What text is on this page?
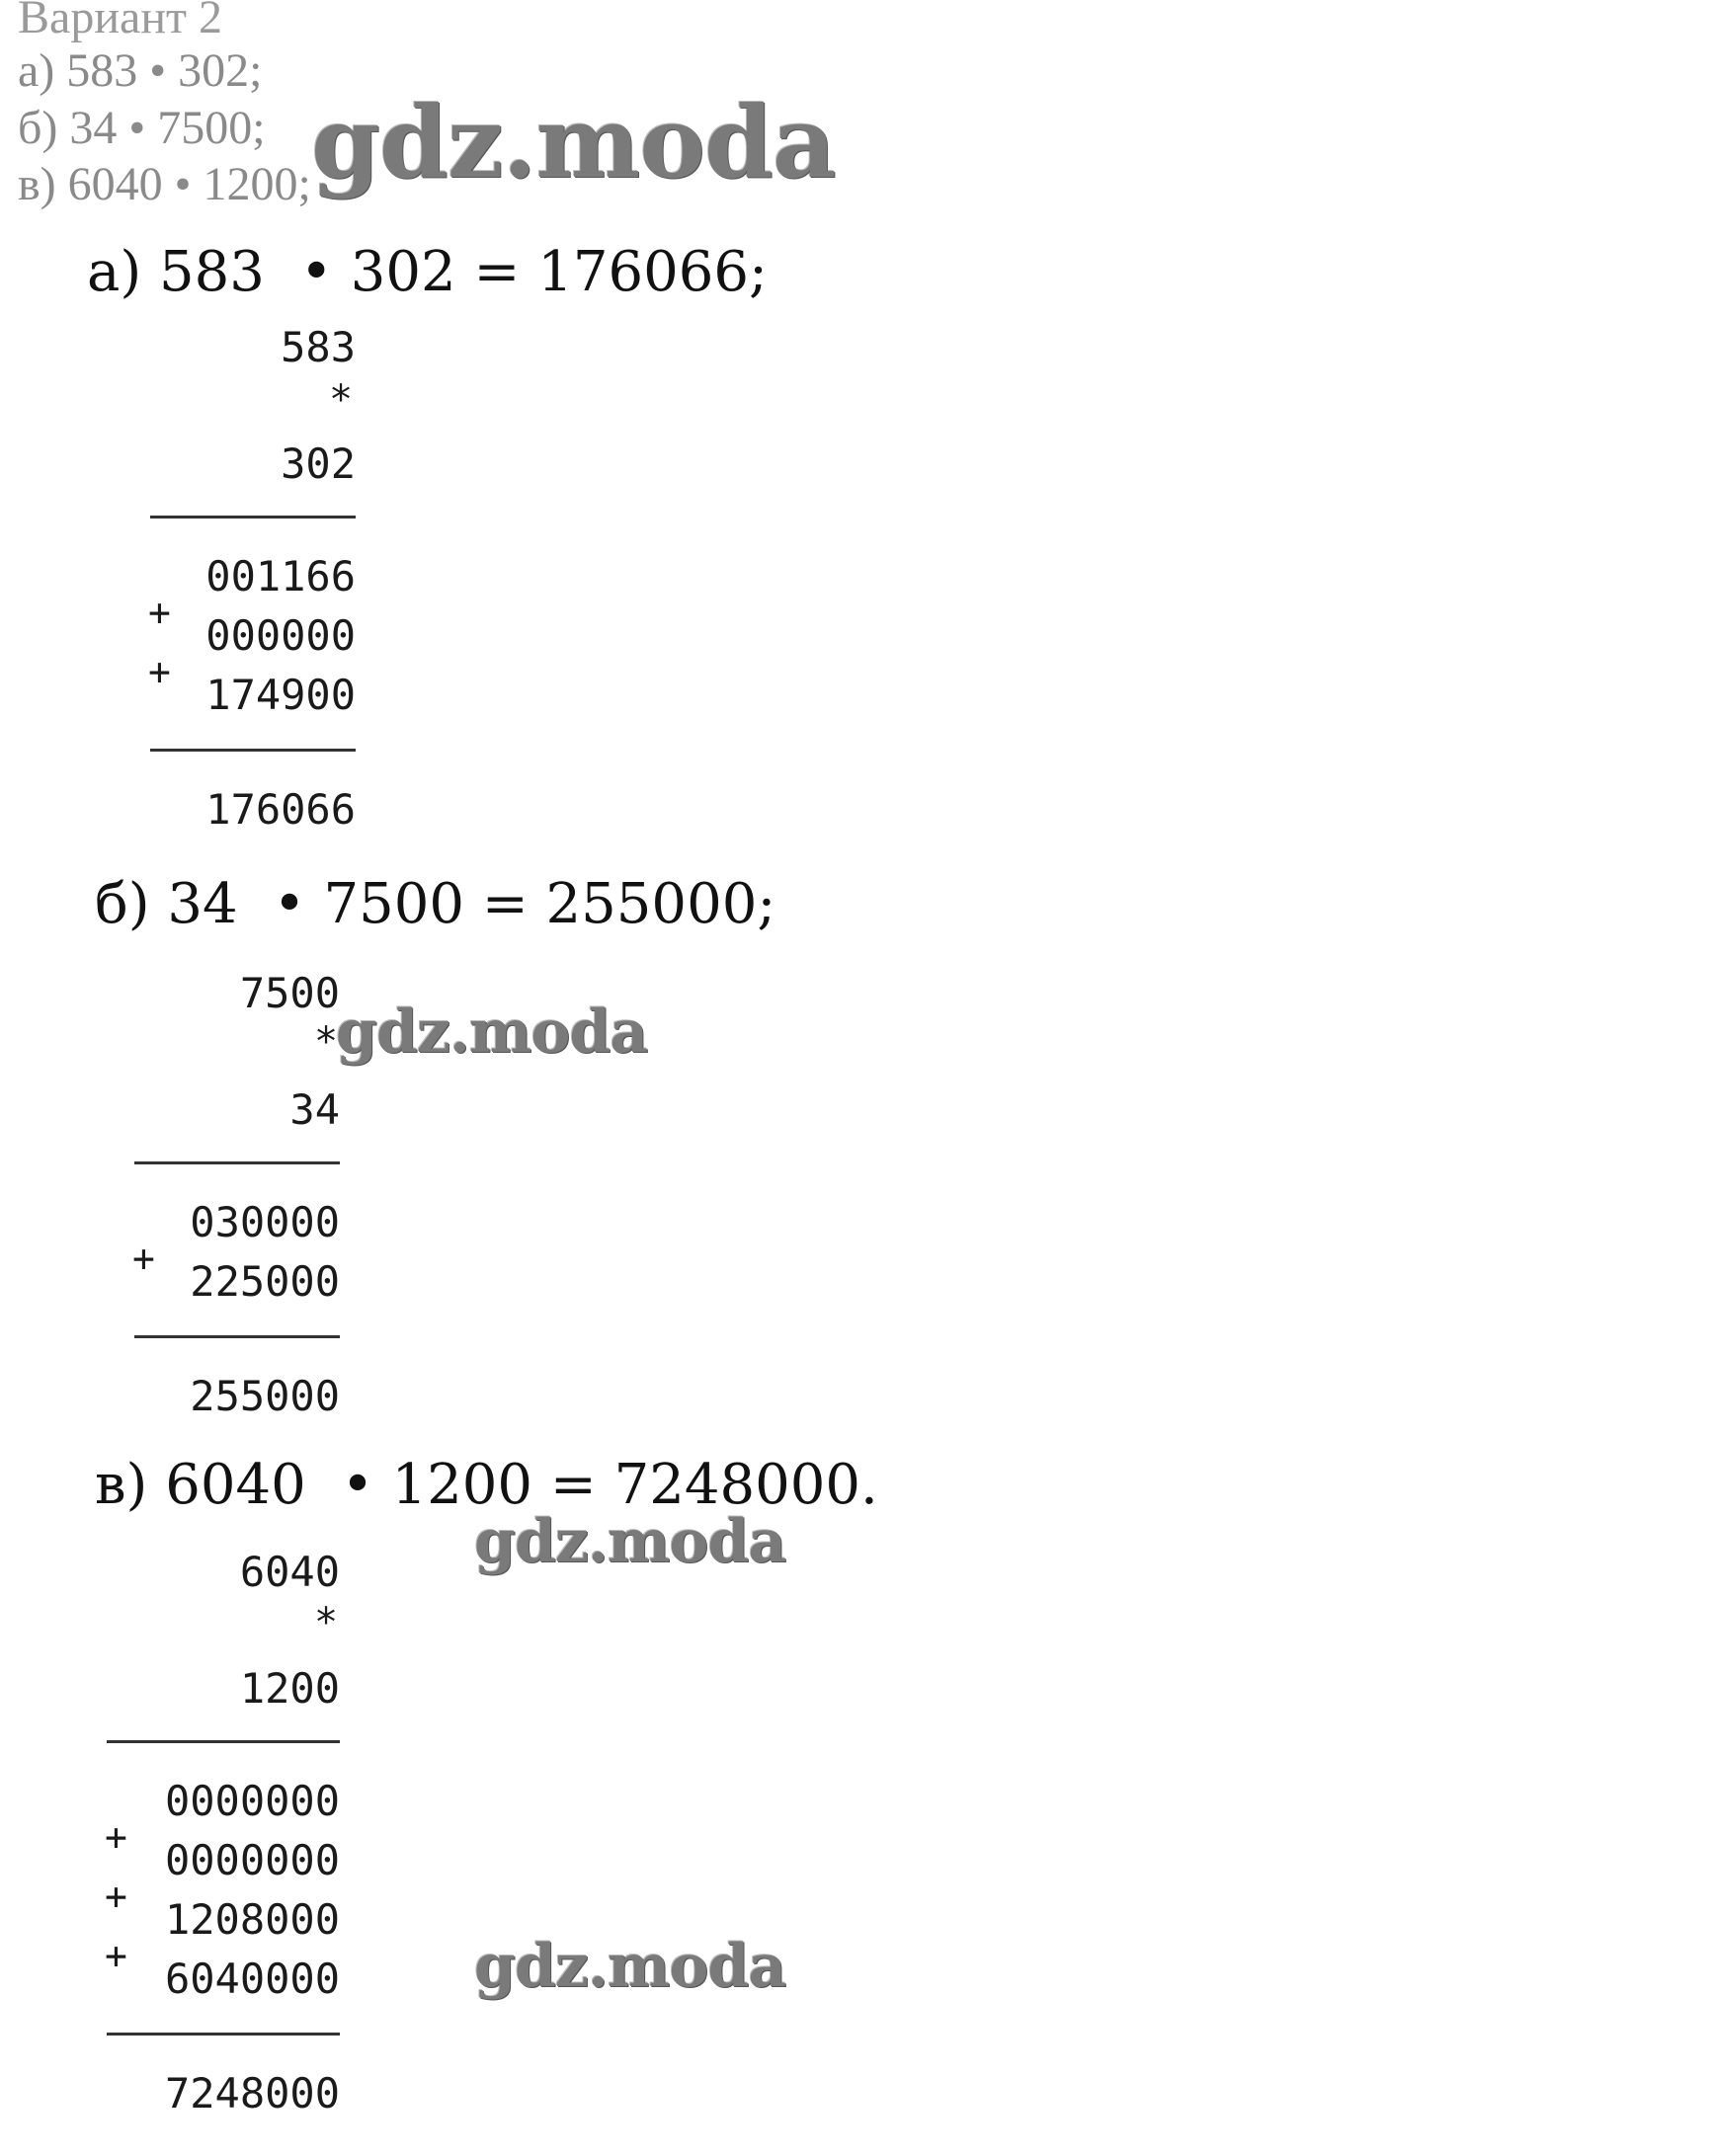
Вариант 2
а) 583 • 302;
б) 34 • 7500;
в) 6040 • 1200; gdz.moda
а) 583 • 302 = 176066;
583
*
302
001166
000000
174900
+
+
176066
б) 34 • 7500 = 255000;
7500
*
34
030000
225000
+
255000
gdz.moda
в) 6040 • 1200 = 7248000.
gdz.moda
6040
*
1200
0000000
0000000
1208000
6040000
+
+
+
7248000
gdz.moda
